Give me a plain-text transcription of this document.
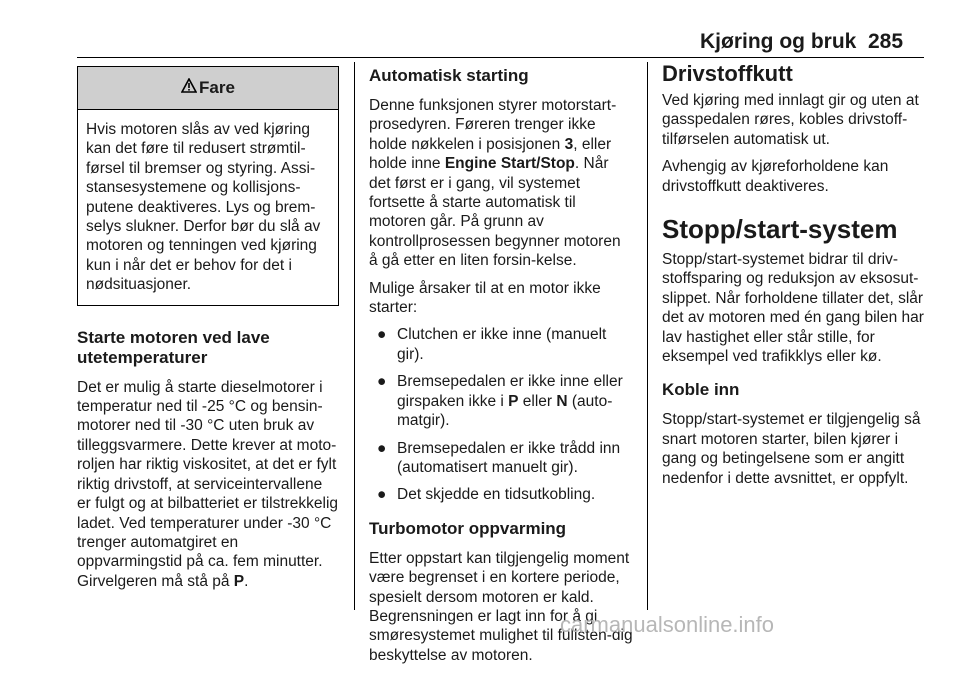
Kjøring og bruk 285
Fare
Hvis motoren slås av ved kjøring kan det føre til redusert strømtil-førsel til bremser og styring. Assi-stansesystemene og kollisjons-putene deaktiveres. Lys og brem-selys slukner. Derfor bør du slå av motoren og tenningen ved kjøring kun i når det er behov for det i nødsituasjoner.
Starte motoren ved lave utetemperaturer

Det er mulig å starte dieselmotorer i temperatur ned til -25 °C og bensin-motorer ned til -30 °C uten bruk av tilleggsvarmere. Dette krever at moto-roljen har riktig viskositet, at det er fylt riktig drivstoff, at serviceintervallene er fulgt og at bilbatteriet er tilstrekkelig ladet. Ved temperaturer under -30 °C trenger automatgiret en oppvarmingstid på ca. fem minutter. Girvelgeren må stå på P.

Automatisk starting

Denne funksjonen styrer motorstart-prosedyren. Føreren trenger ikke holde nøkkelen i posisjonen 3, eller holde inne Engine Start/Stop. Når det først er i gang, vil systemet fortsette å starte automatisk til motoren går. På grunn av kontrollprosessen begynner motoren å gå etter en liten forsin-kelse.

Mulige årsaker til at en motor ikke starter:

● Clutchen er ikke inne (manuelt gir).
● Bremsepedalen er ikke inne eller girspaken ikke i P eller N (auto-matgir).
● Bremsepedalen er ikke trådd inn (automatisert manuelt gir).
● Det skjedde en tidsutkobling.
Turbomotor oppvarming

Etter oppstart kan tilgjengelig moment være begrenset i en kortere periode, spesielt dersom motoren er kald. Begrensningen er lagt inn for å gi smøresystemet mulighet til fullsten-dig beskyttelse av motoren.

Drivstoffkutt

Ved kjøring med innlagt gir og uten at gasspedalen røres, kobles drivstoff-tilførselen automatisk ut.

Avhengig av kjøreforholdene kan drivstoffkutt deaktiveres.

Stopp/start-system

Stopp/start-systemet bidrar til driv-stoffsparing og reduksjon av eksosut-slippet. Når forholdene tillater det, slår det av motoren med én gang bilen har lav hastighet eller står stille, for eksempel ved trafikklys eller kø.

Koble inn

Stopp/start-systemet er tilgjengelig så snart motoren starter, bilen kjører i gang og betingelsene som er angitt nedenfor i dette avsnittet, er oppfylt.

carmanualsonline.info
